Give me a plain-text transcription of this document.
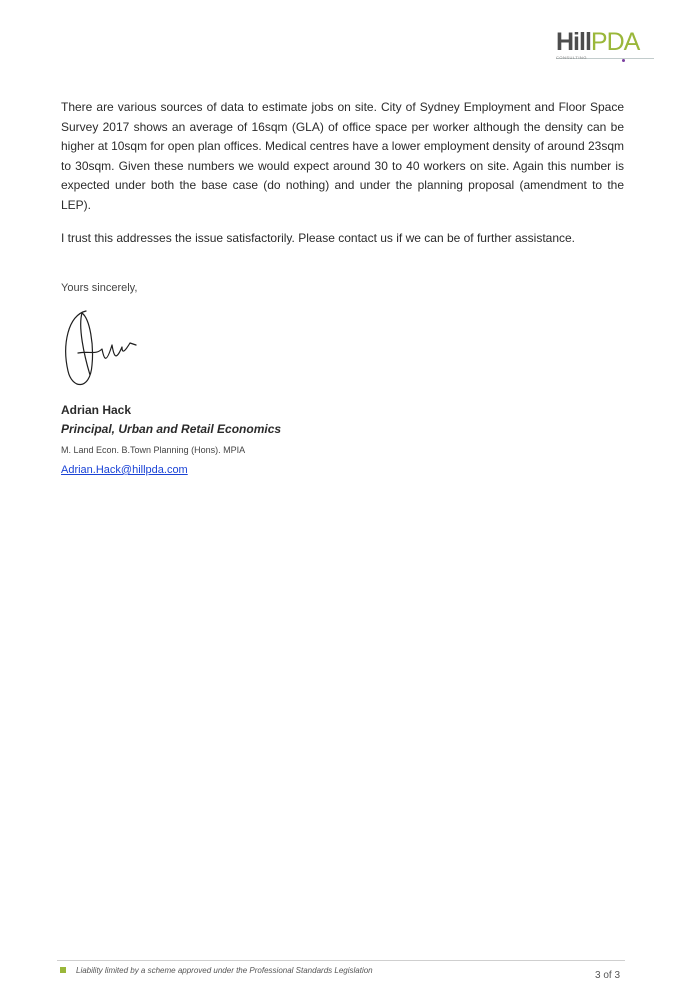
HillPDA
CONSULTING

There are various sources of data to estimate jobs on site. City of Sydney Employment and Floor Space Survey 2017 shows an average of 16sqm (GLA) of office space per worker although the density can be higher at 10sqm for open plan offices. Medical centres have a lower employment density of around 23sqm to 30sqm. Given these numbers we would expect around 30 to 40 workers on site. Again this number is expected under both the base case (do nothing) and under the planning proposal (amendment to the LEP).

I trust this addresses the issue satisfactorily. Please contact us if we can be of further assistance.

Yours sincerely,
Adrian Hack
Principal, Urban and Retail Economics
M. Land Econ. B.Town Planning (Hons). MPIA
Adrian.Hack@hillpda.com
Liability limited by a scheme approved under the Professional Standards Legislation	3 of 3
